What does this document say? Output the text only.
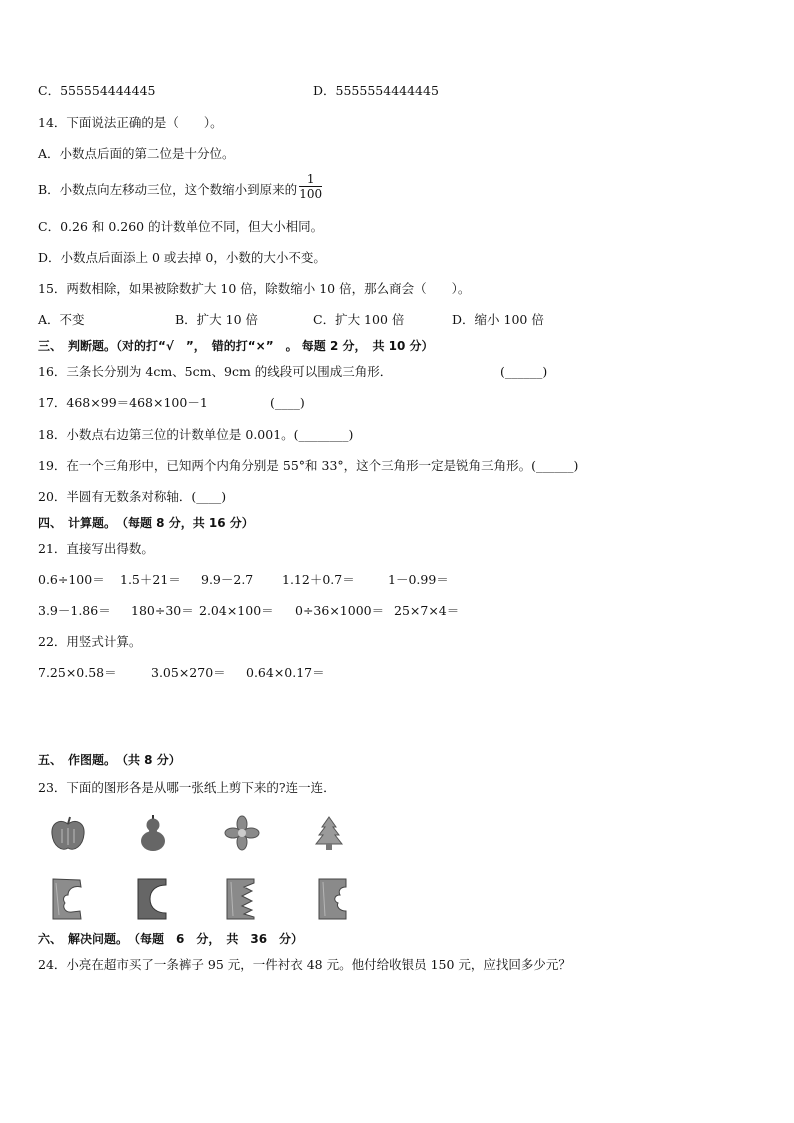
C．555554444445	D．5555554444445
14．下面说法正确的是（　　）。
A．小数点后面的第二位是十分位。
B．小数点向左移动三位，这个数缩小到原来的 $\frac{1}{100}$
C．0.26 和 0.260 的计数单位不同，但大小相同。
D．小数点后面添上 0 或去掉 0，小数的大小不变。
15．两数相除，如果被除数扩大 10 倍，除数缩小 10 倍，那么商会（　　）。
A．不变	B．扩大 10 倍	C．扩大 100 倍	D．缩小 100 倍
三、　判断题。（对的打“√　”，　错的打“×”　。 每题 2 分，　共 10 分）
16．三条长分别为 4cm、5cm、9cm 的线段可以围成三角形．	(______)
17．468×99＝468×100－1	(____)
18．小数点右边第三位的计数单位是 0.001。(________)
19．在一个三角形中，已知两个内角分别是 55°和 33°，这个三角形一定是锐角三角形。(______)
20．半圆有无数条对称轴．(____)
四、　计算题。　（每题 8 分，共 16 分）
21．直接写出得数。
0.6÷100＝ 1.5＋21＝ 9.9－2.7 1.12＋0.7＝	1－0.99＝
3.9－1.86＝ 180÷30＝ 2.04×100＝ 0÷36×1000＝ 25×7×4＝
22．用竖式计算。
7.25×0.58＝	3.05×270＝ 0.64×0.17＝
五、　作图题。　（共 8 分）
23．下面的图形各是从哪一张纸上剪下来的?连一连．
六、　解决问题。　（每题　6　分，　共　36　分）
24．小亮在超市买了一条裤子 95 元，一件衬衣 48 元。他付给收银员 150 元，应找回多少元？
